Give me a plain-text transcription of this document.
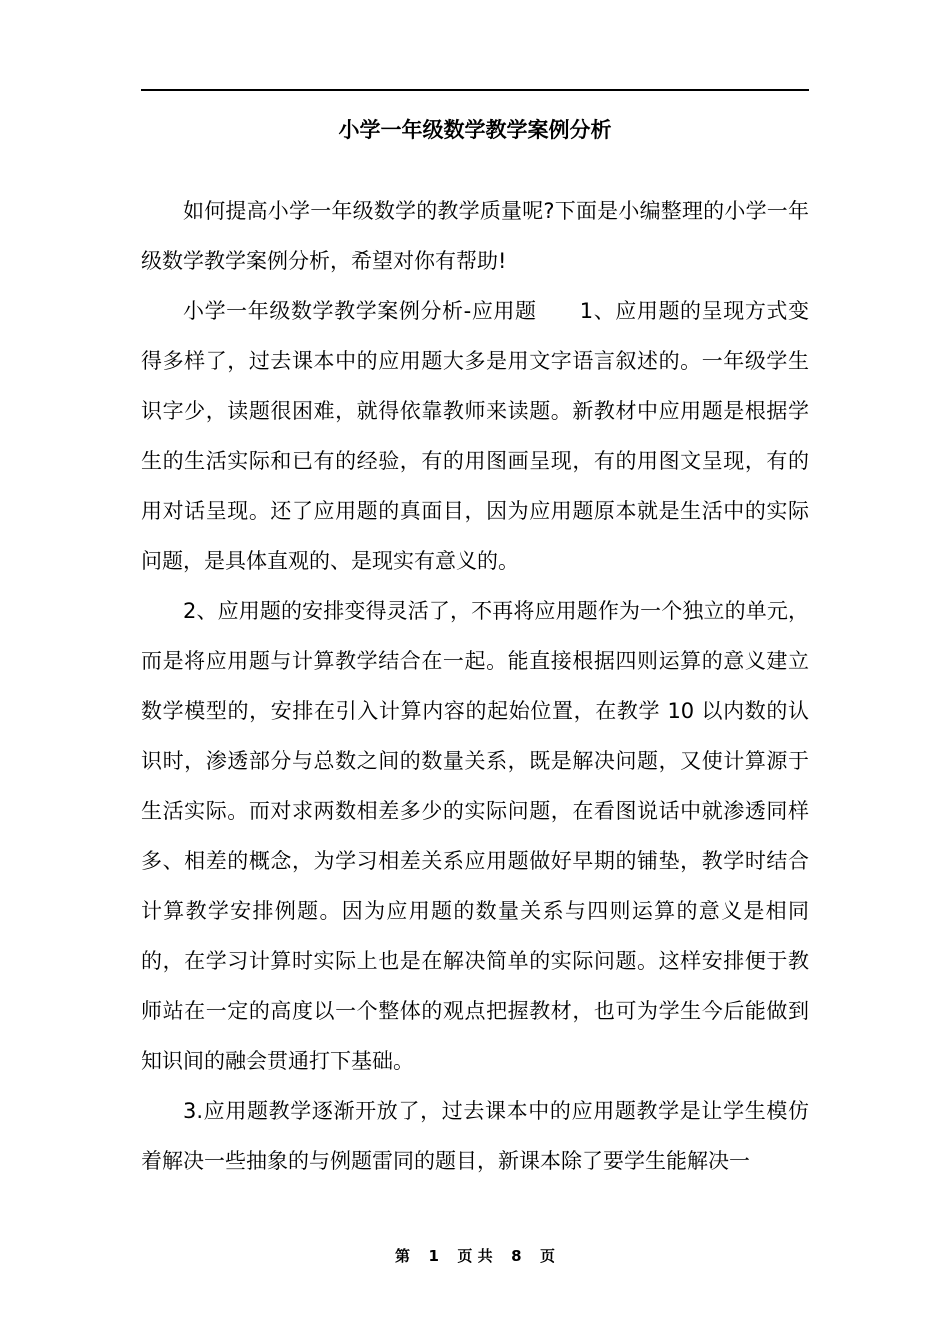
小学一年级数学教学案例分析

如何提高小学一年级数学的教学质量呢?下面是小编整理的小学一年级数学教学案例分析，希望对你有帮助!

小学一年级数学教学案例分析-应用题　　1、应用题的呈现方式变得多样了，过去课本中的应用题大多是用文字语言叙述的。一年级学生识字少，读题很困难，就得依靠教师来读题。新教材中应用题是根据学生的生活实际和已有的经验，有的用图画呈现，有的用图文呈现，有的用对话呈现。还了应用题的真面目，因为应用题原本就是生活中的实际问题，是具体直观的、是现实有意义的。

2、应用题的安排变得灵活了，不再将应用题作为一个独立的单元，而是将应用题与计算教学结合在一起。能直接根据四则运算的意义建立数学模型的，安排在引入计算内容的起始位置，在教学 10 以内数的认识时，渗透部分与总数之间的数量关系，既是解决问题，又使计算源于生活实际。而对求两数相差多少的实际问题，在看图说话中就渗透同样多、相差的概念，为学习相差关系应用题做好早期的铺垫，教学时结合计算教学安排例题。因为应用题的数量关系与四则运算的意义是相同的，在学习计算时实际上也是在解决简单的实际问题。这样安排便于教师站在一定的高度以一个整体的观点把握教材，也可为学生今后能做到知识间的融会贯通打下基础。

3.应用题教学逐渐开放了，过去课本中的应用题教学是让学生模仿着解决一些抽象的与例题雷同的题目，新课本除了要学生能解决一

第 1 页 共 8 页
